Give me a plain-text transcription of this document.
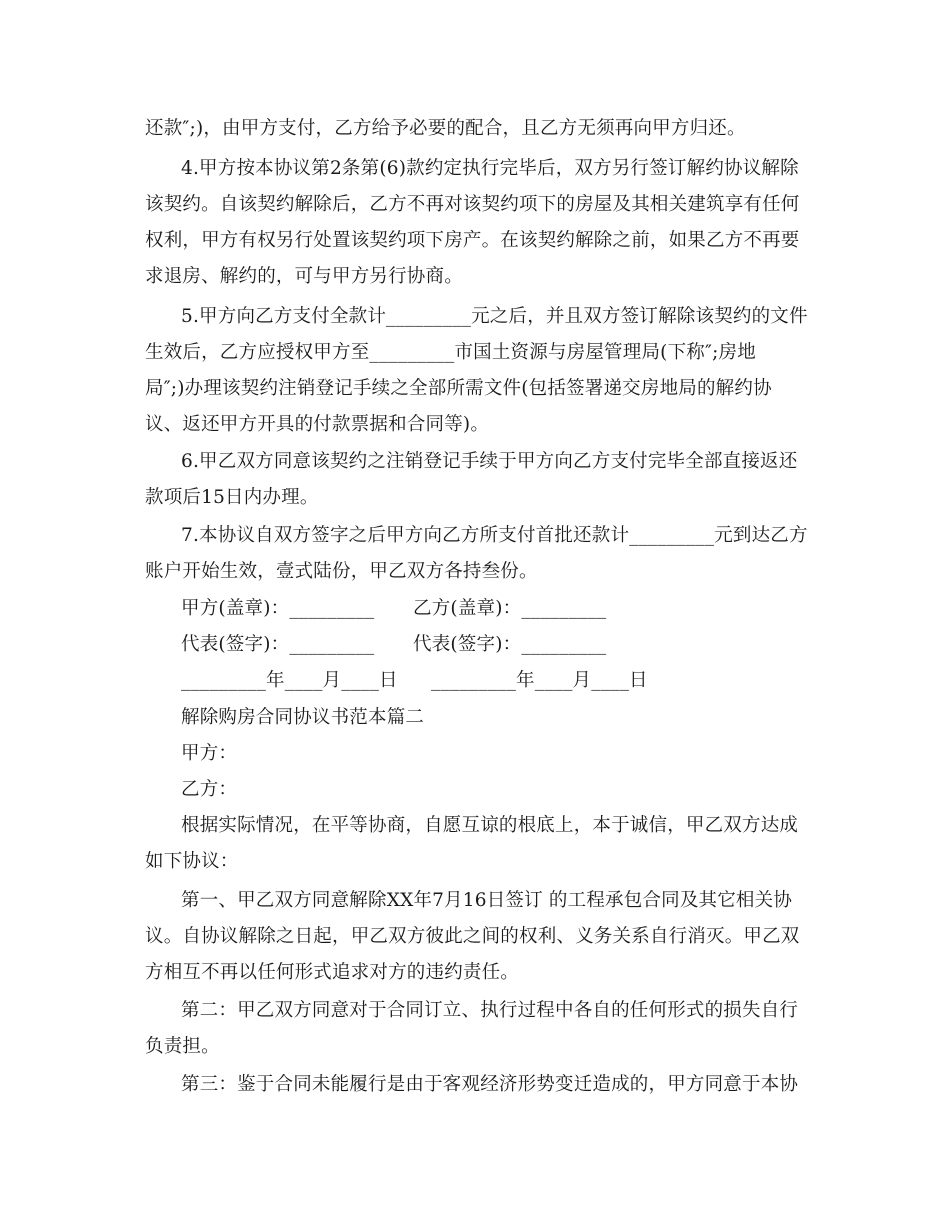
还款″;)，由甲方支付，乙方给予必要的配合，且乙方无须再向甲方归还。
4.甲方按本协议第2条第(6)款约定执行完毕后，双方另行签订解约协议解除
该契约。自该契约解除后，乙方不再对该契约项下的房屋及其相关建筑享有任何
权利，甲方有权另行处置该契约项下房产。在该契约解除之前，如果乙方不再要
求退房、解约的，可与甲方另行协商。
5.甲方向乙方支付全款计_________元之后，并且双方签订解除该契约的文件
生效后，乙方应授权甲方至_________市国土资源与房屋管理局(下称″;房地
局″;)办理该契约注销登记手续之全部所需文件(包括签署递交房地局的解约协
议、返还甲方开具的付款票据和合同等)。
6.甲乙双方同意该契约之注销登记手续于甲方向乙方支付完毕全部直接返还
款项后15日内办理。
7.本协议自双方签字之后甲方向乙方所支付首批还款计_________元到达乙方
账户开始生效，壹式陆份，甲乙双方各持叁份。
甲方(盖章)：_________ 乙方(盖章)：_________
代表(签字)：_________ 代表(签字)：_________
_________年____月____日 _________年____月____日
解除购房合同协议书范本篇二
甲方：
乙方：
根据实际情况，在平等协商，自愿互谅的根底上，本于诚信，甲乙双方达成
如下协议：
第一、甲乙双方同意解除XX年7月16日签订 的工程承包合同及其它相关协
议。自协议解除之日起，甲乙双方彼此之间的权利、义务关系自行消灭。甲乙双
方相互不再以任何形式追求对方的违约责任。
第二：甲乙双方同意对于合同订立、执行过程中各自的任何形式的损失自行
负责担。
第三：鉴于合同未能履行是由于客观经济形势变迁造成的，甲方同意于本协
